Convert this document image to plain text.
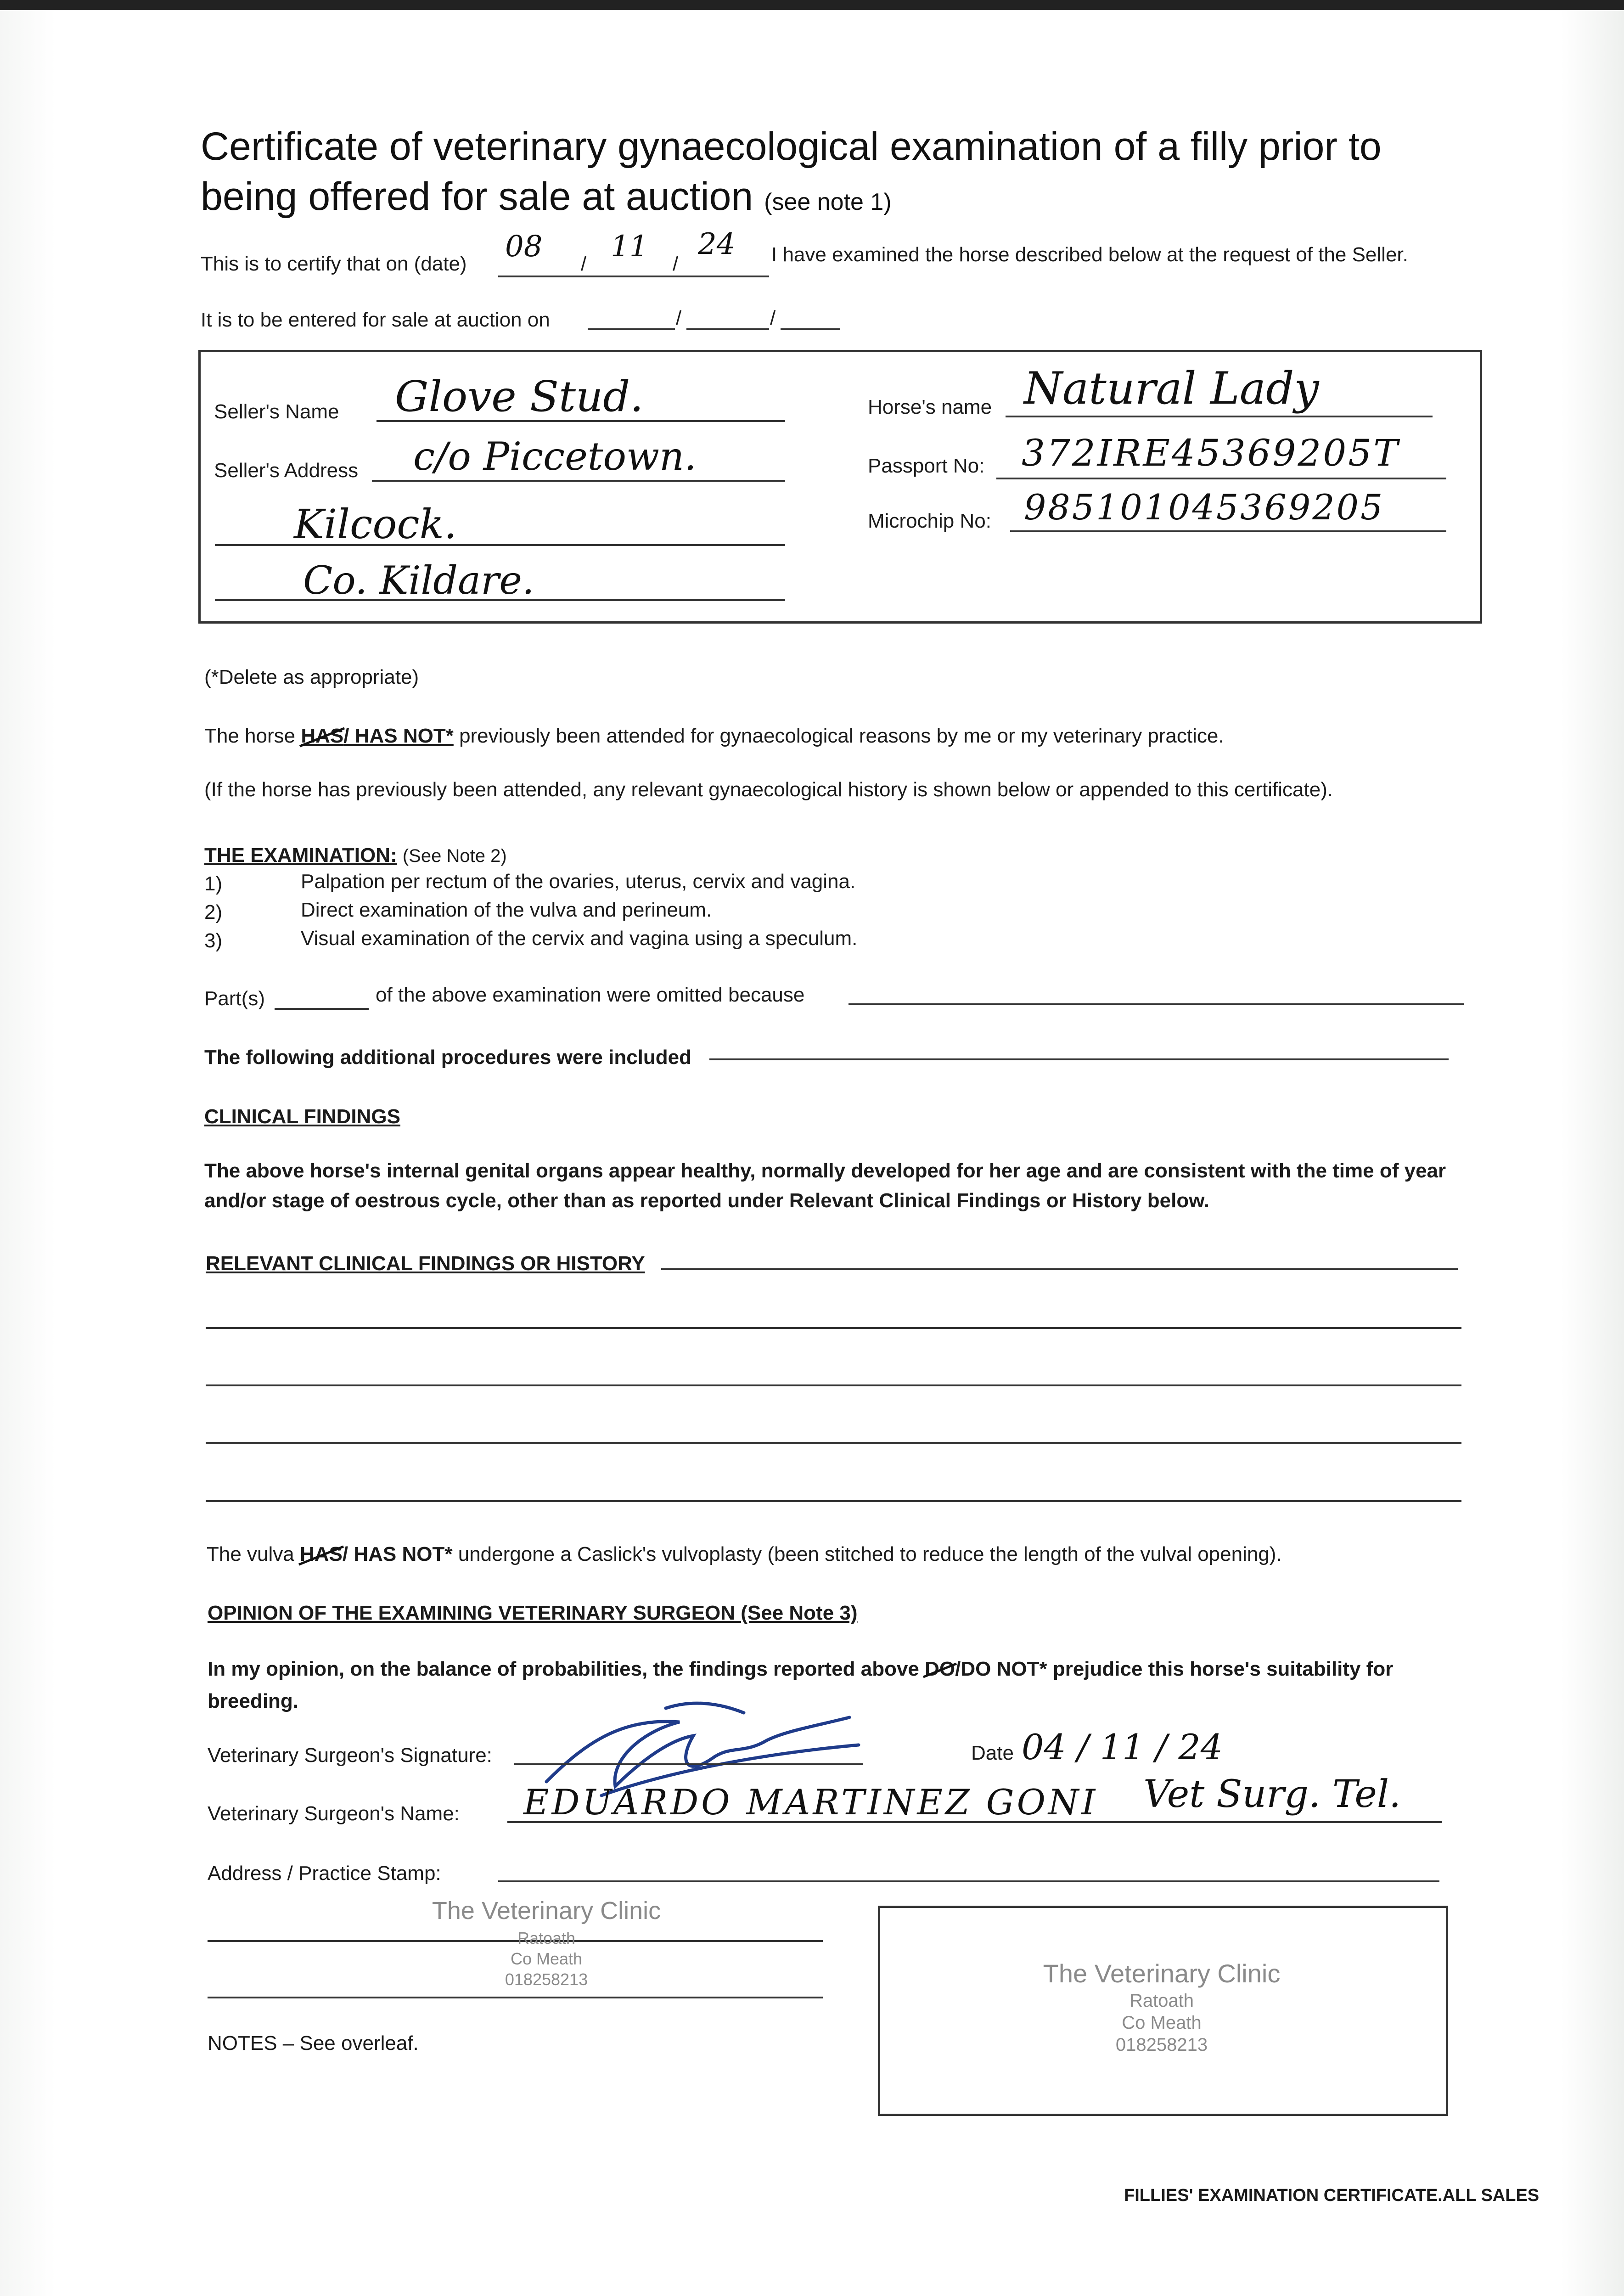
Certificate of veterinary gynaecological examination of a filly prior to
being offered for sale at auction (see note 1)
This is to certify that on (date)
08
/
11
/
24 I have examined the horse described below at the request of the Seller.
It is to be entered for sale at auction on	/	/
Seller's Name Glove Stud.
Seller's Address c/o Piccetown.
Kilcock.
Co. Kildare.
Horse's name Natural Lady
Passport No: 372IRE45369205T
Microchip No: 985101045369205
(*Delete as appropriate)
The horse HAS/ HAS NOT* previously been attended for gynaecological reasons by me or my veterinary practice.
(If the horse has previously been attended, any relevant gynaecological history is shown below or appended to this certificate).
THE EXAMINATION: (See Note 2)
1)	Palpation per rectum of the ovaries, uterus, cervix and vagina.
2)	Direct examination of the vulva and perineum.
3)	Visual examination of the cervix and vagina using a speculum.
Part(s)	of the above examination were omitted because
The following additional procedures were included
CLINICAL FINDINGS
The above horse's internal genital organs appear healthy, normally developed for her age and are consistent with the time of year
and/or stage of oestrous cycle, other than as reported under Relevant Clinical Findings or History below.
RELEVANT CLINICAL FINDINGS OR HISTORY
The vulva HAS/ HAS NOT* undergone a Caslick's vulvoplasty (been stitched to reduce the length of the vulval opening).
OPINION OF THE EXAMINING VETERINARY SURGEON (See Note 3)
In my opinion, on the balance of probabilities, the findings reported above DO/DO NOT* prejudice this horse's suitability for
breeding.
Veterinary Surgeon's Signature:	Date 04 / 11 / 24
Veterinary Surgeon's Name: EDUARDO MARTINEZ GONI Vet Surg. Tel.
Address / Practice Stamp:
The Veterinary Clinic
Ratoath
Co Meath
018258213
NOTES – See overleaf.
The Veterinary Clinic
Ratoath
Co Meath
018258213
FILLIES' EXAMINATION CERTIFICATE.ALL SALES
